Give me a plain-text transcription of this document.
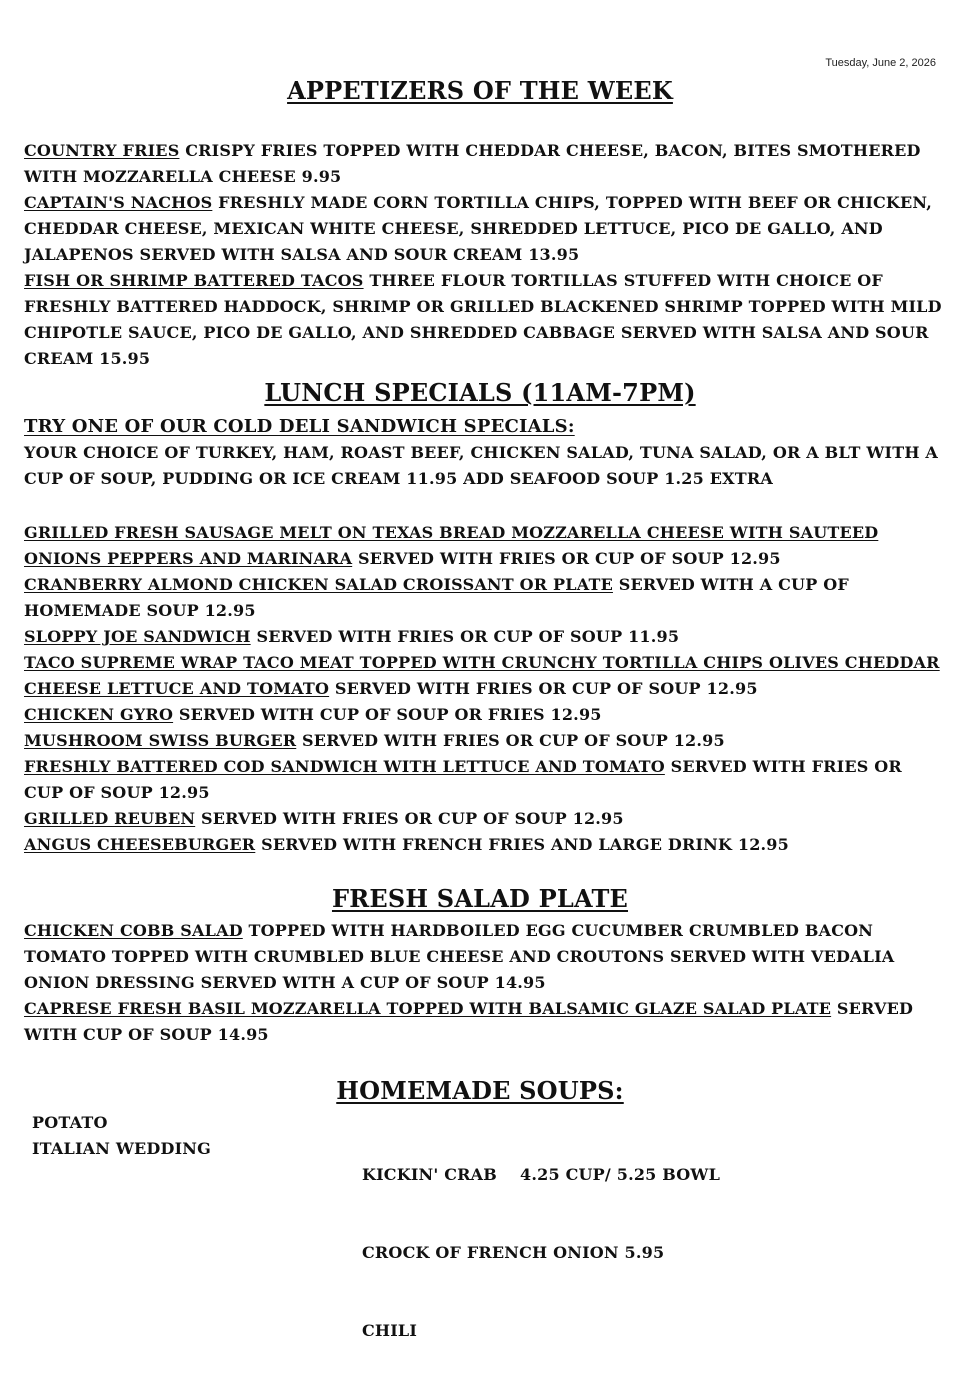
Tuesday, June 2, 2026
APPETIZERS OF THE WEEK

COUNTRY FRIES CRISPY FRIES TOPPED WITH CHEDDAR CHEESE, BACON, BITES SMOTHERED WITH MOZZARELLA CHEESE 9.95

CAPTAIN'S NACHOS FRESHLY MADE CORN TORTILLA CHIPS, TOPPED WITH BEEF OR CHICKEN, CHEDDAR CHEESE, MEXICAN WHITE CHEESE, SHREDDED LETTUCE, PICO DE GALLO, AND JALAPENOS SERVED WITH SALSA AND SOUR CREAM 13.95

FISH OR SHRIMP BATTERED TACOS THREE FLOUR TORTILLAS STUFFED WITH CHOICE OF FRESHLY BATTERED HADDOCK, SHRIMP OR GRILLED BLACKENED SHRIMP TOPPED WITH MILD CHIPOTLE SAUCE, PICO DE GALLO, AND SHREDDED CABBAGE SERVED WITH SALSA AND SOUR CREAM 15.95

LUNCH SPECIALS (11AM-7PM)

TRY ONE OF OUR COLD DELI SANDWICH SPECIALS:

YOUR CHOICE OF TURKEY, HAM, ROAST BEEF, CHICKEN SALAD, TUNA SALAD, OR A BLT WITH A CUP OF SOUP, PUDDING OR ICE CREAM 11.95 ADD SEAFOOD SOUP 1.25 EXTRA

GRILLED FRESH SAUSAGE MELT ON TEXAS BREAD MOZZARELLA CHEESE WITH SAUTEED ONIONS PEPPERS AND MARINARA SERVED WITH FRIES OR CUP OF SOUP 12.95

CRANBERRY ALMOND CHICKEN SALAD CROISSANT OR PLATE SERVED WITH A CUP OF HOMEMADE SOUP 12.95

SLOPPY JOE SANDWICH SERVED WITH FRIES OR CUP OF SOUP 11.95

TACO SUPREME WRAP TACO MEAT TOPPED WITH CRUNCHY TORTILLA CHIPS OLIVES CHEDDAR CHEESE LETTUCE AND TOMATO SERVED WITH FRIES OR CUP OF SOUP 12.95

CHICKEN GYRO SERVED WITH CUP OF SOUP OR FRIES 12.95

MUSHROOM SWISS BURGER SERVED WITH FRIES OR CUP OF SOUP 12.95

FRESHLY BATTERED COD SANDWICH WITH LETTUCE AND TOMATO SERVED WITH FRIES OR CUP OF SOUP 12.95

GRILLED REUBEN SERVED WITH FRIES OR CUP OF SOUP 12.95

ANGUS CHEESEBURGER SERVED WITH FRENCH FRIES AND LARGE DRINK 12.95

FRESH SALAD PLATE

CHICKEN COBB SALAD TOPPED WITH HARDBOILED EGG CUCUMBER CRUMBLED BACON TOMATO TOPPED WITH CRUMBLED BLUE CHEESE AND CROUTONS SERVED WITH VEDALIA ONION DRESSING SERVED WITH A CUP OF SOUP 14.95

CAPRESE FRESH BASIL MOZZARELLA TOPPED WITH BALSAMIC GLAZE SALAD PLATE SERVED WITH CUP OF SOUP 14.95

HOMEMADE SOUPS:
POTATO
ITALIAN WEDDING

KICKIN' CRAB    4.25 CUP/ 5.25 BOWL

CROCK OF FRENCH ONION 5.95

CHILI
